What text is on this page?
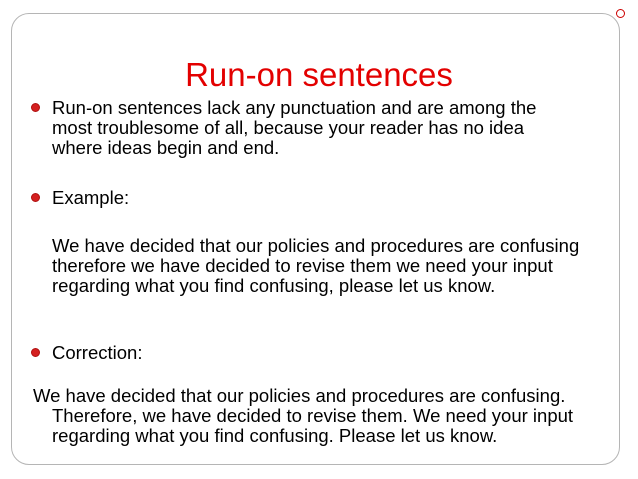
Run-on sentences

Run-on sentences lack any punctuation and are among the most troublesome of all, because your reader has no idea where ideas begin and end.

Example:

We have decided that our policies and procedures are confusing therefore we have decided to revise them we need your input regarding what you find confusing, please let us know.

Correction:

We have decided that our policies and procedures are confusing.

Therefore, we have decided to revise them. We need your input regarding what you find confusing. Please let us know.
